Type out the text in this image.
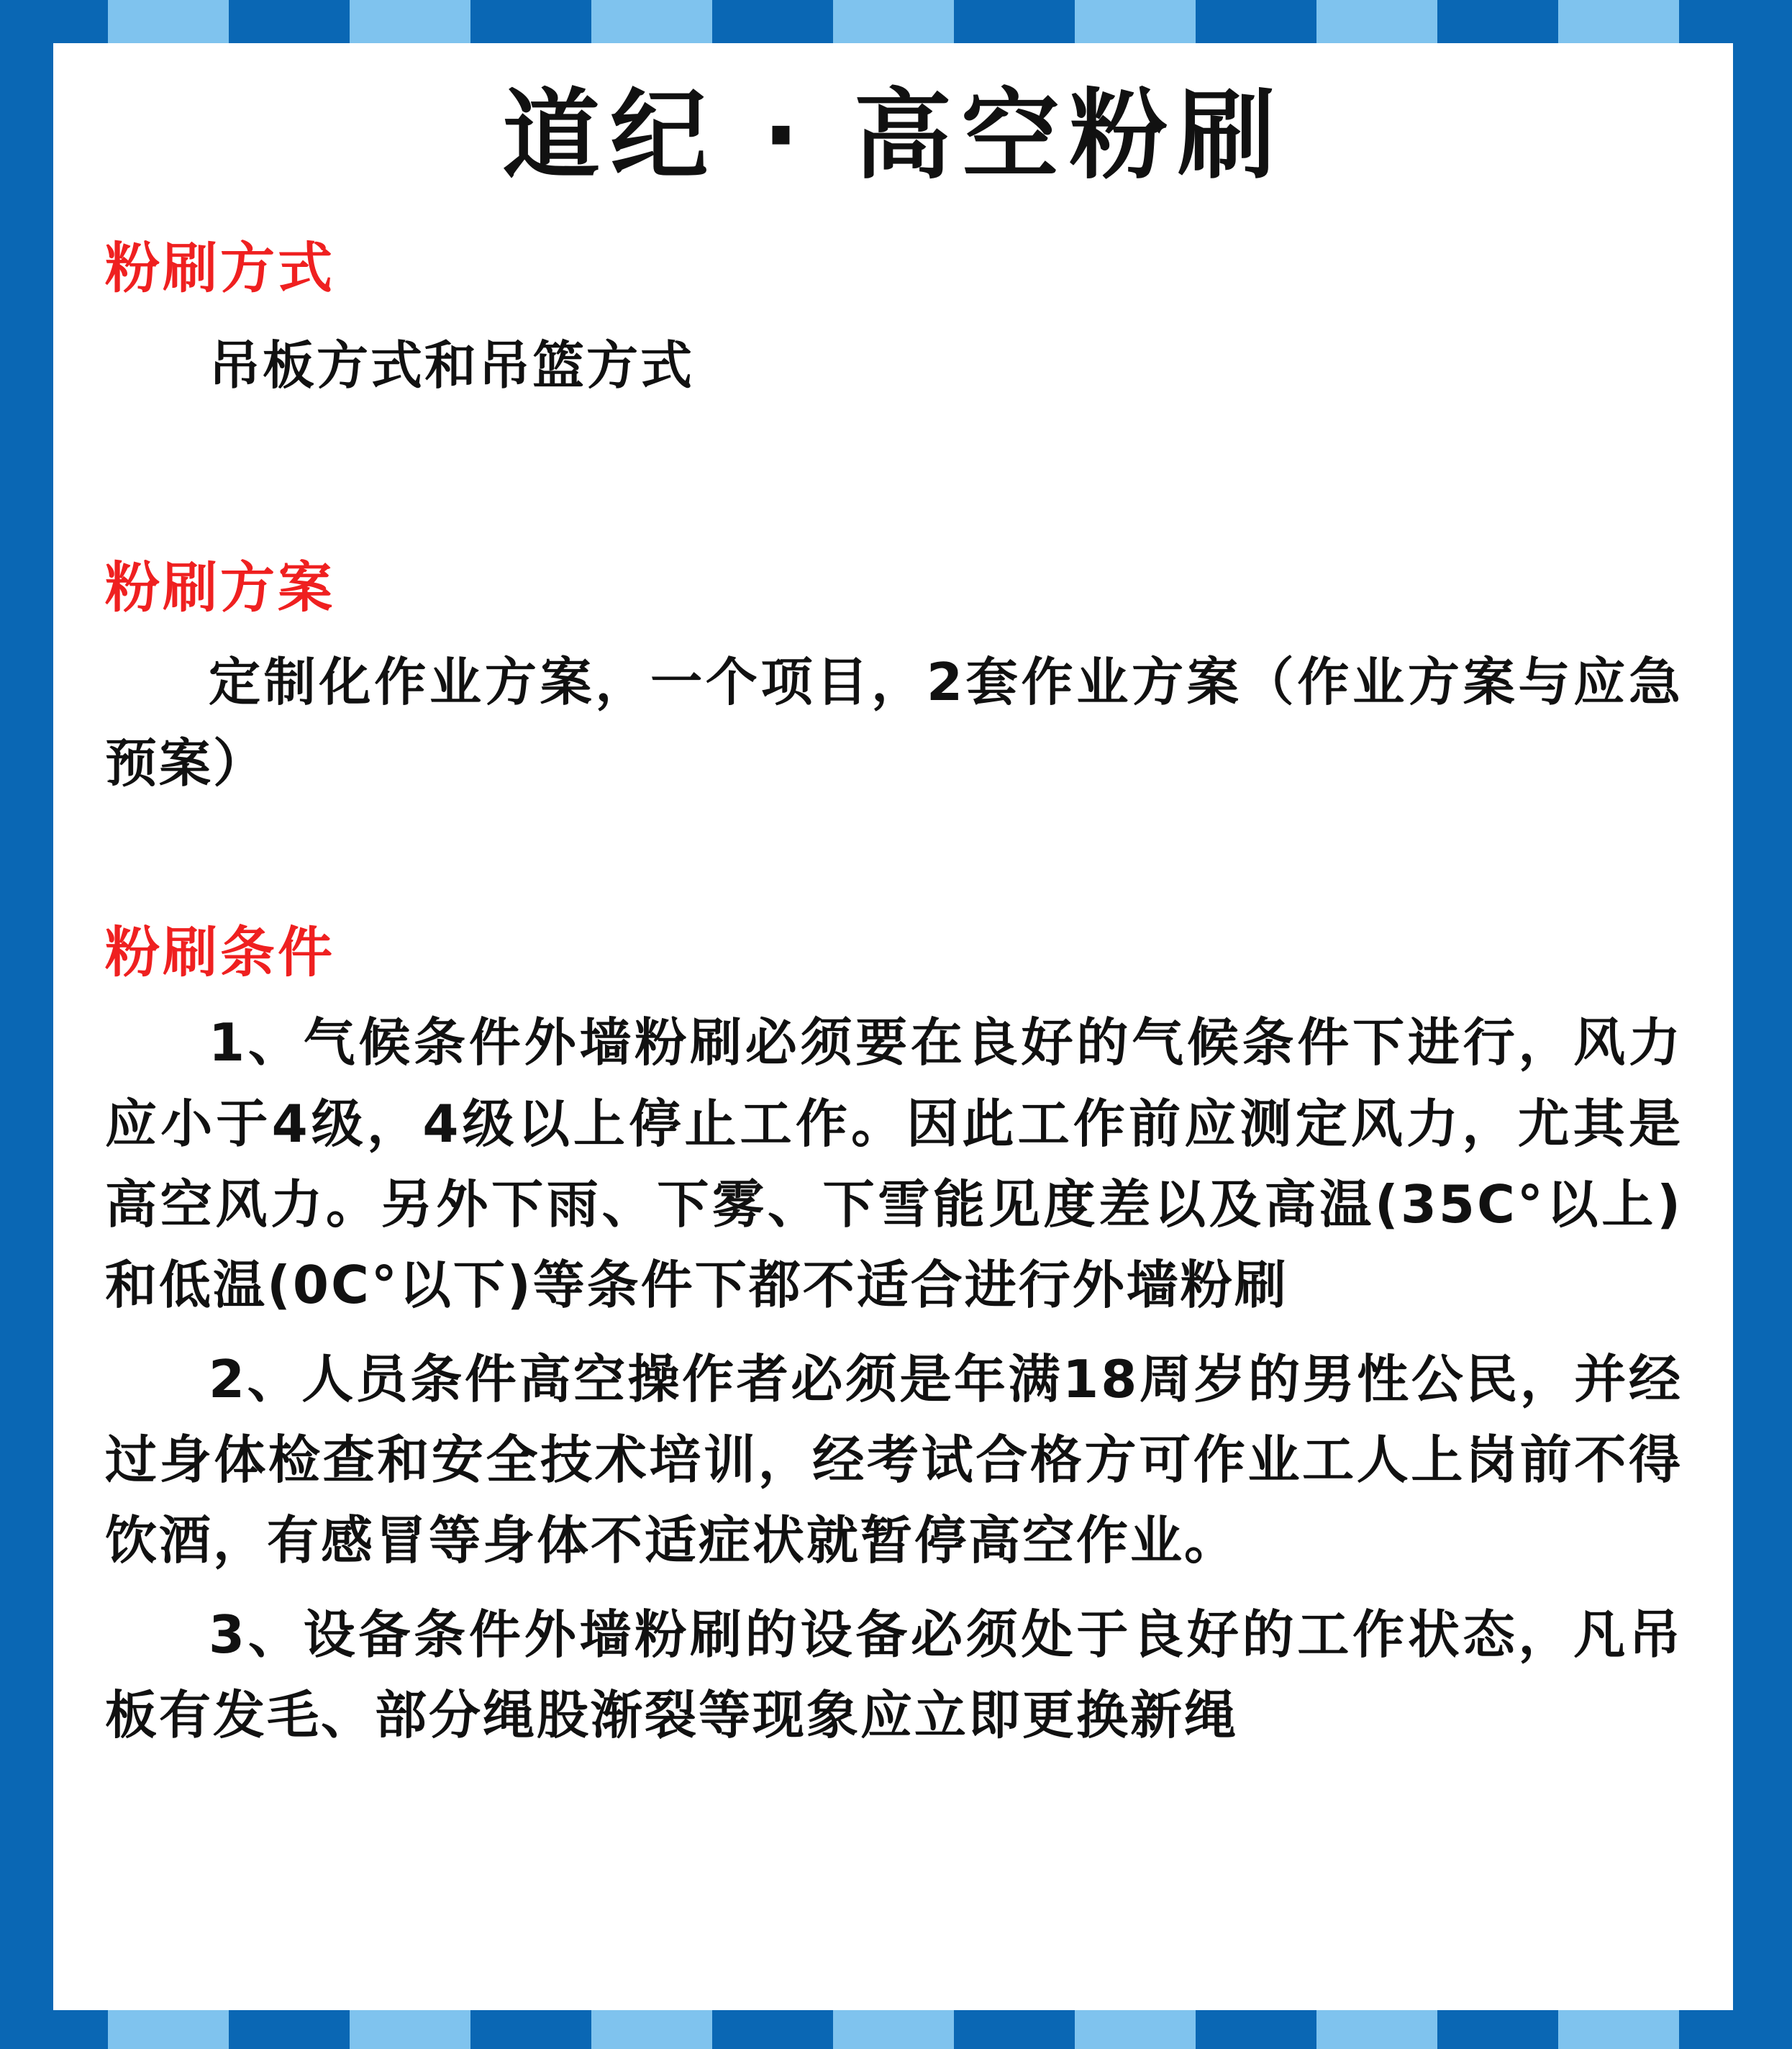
道纪 · 高空粉刷
粉刷方式

吊板方式和吊篮方式

粉刷方案

定制化作业方案，一个项目，2套作业方案（作业方案与应急预案）

粉刷条件

1、气候条件外墙粉刷必须要在良好的气候条件下进行，风力应小于4级，4级以上停止工作。因此工作前应测定风力，尤其是高空风力。另外下雨、下雾、下雪能见度差以及高温(35C°以上)和低温(0C°以下)等条件下都不适合进行外墙粉刷

2、人员条件高空操作者必须是年满18周岁的男性公民，并经过身体检查和安全技术培训，经考试合格方可作业工人上岗前不得饮酒，有感冒等身体不适症状就暂停高空作业。

3、设备条件外墙粉刷的设备必须处于良好的工作状态，凡吊板有发毛、部分绳股渐裂等现象应立即更换新绳
